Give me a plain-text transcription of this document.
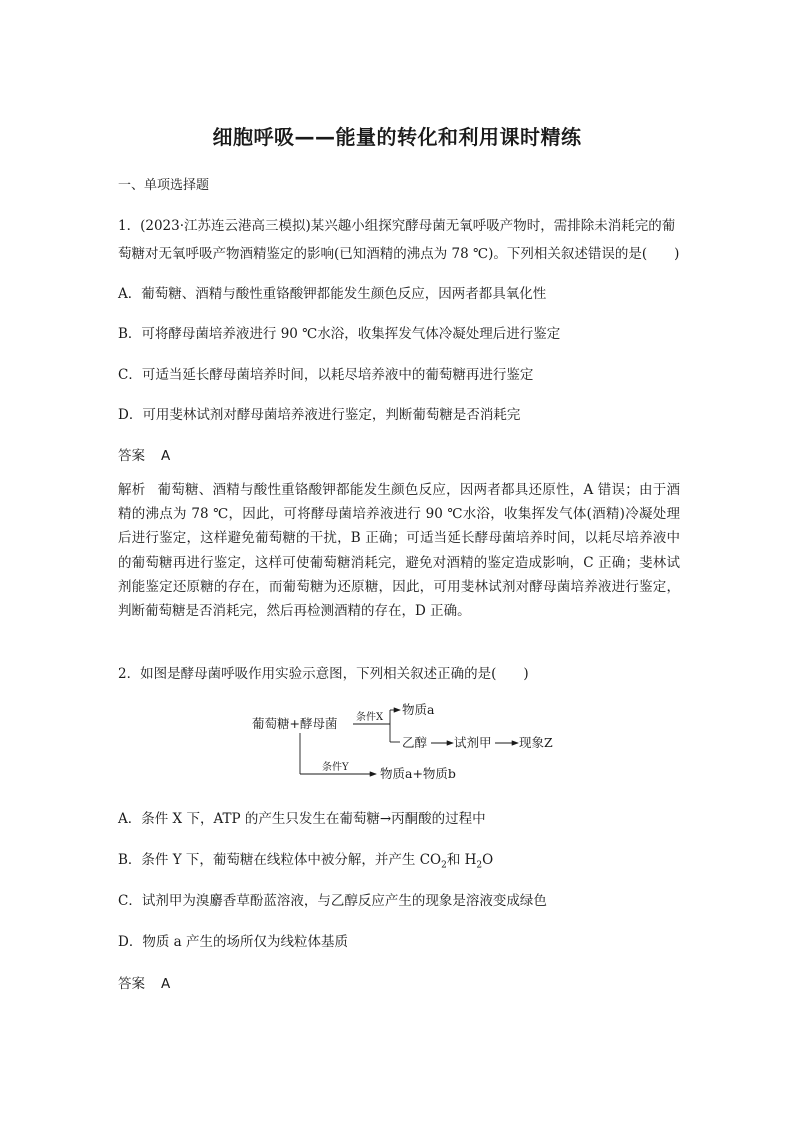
细胞呼吸——能量的转化和利用课时精练
一、单项选择题
1．(2023·江苏连云港高三模拟)某兴趣小组探究酵母菌无氧呼吸产物时，需排除未消耗完的葡
萄糖对无氧呼吸产物酒精鉴定的影响(已知酒精的沸点为 78 ℃)。下列相关叙述错误的是(　　)
A．葡萄糖、酒精与酸性重铬酸钾都能发生颜色反应，因两者都具氧化性
B．可将酵母菌培养液进行 90 ℃水浴，收集挥发气体冷凝处理后进行鉴定
C．可适当延长酵母菌培养时间，以耗尽培养液中的葡萄糖再进行鉴定
D．可用斐林试剂对酵母菌培养液进行鉴定，判断葡萄糖是否消耗完
答案 A
解析 葡萄糖、酒精与酸性重铬酸钾都能发生颜色反应，因两者都具还原性，A 错误；由于酒精的沸点为 78 ℃，因此，可将酵母菌培养液进行 90 ℃水浴，收集挥发气体(酒精)冷凝处理后进行鉴定，这样避免葡萄糖的干扰，B 正确；可适当延长酵母菌培养时间，以耗尽培养液中的葡萄糖再进行鉴定，这样可使葡萄糖消耗完，避免对酒精的鉴定造成影响，C 正确；斐林试剂能鉴定还原糖的存在，而葡萄糖为还原糖，因此，可用斐林试剂对酵母菌培养液进行鉴定，判断葡萄糖是否消耗完，然后再检测酒精的存在，D 正确。
2．如图是酵母菌呼吸作用实验示意图，下列相关叙述正确的是(　　)
葡萄糖+酵母菌 条件X
物质a
乙醇 试剂甲 现象Z
条件Y	物质a+物质b
A．条件 X 下，ATP 的产生只发生在葡萄糖→丙酮酸的过程中
B．条件 Y 下，葡萄糖在线粒体中被分解，并产生 $CO_2$和 $H_2O$
C．试剂甲为溴麝香草酚蓝溶液，与乙醇反应产生的现象是溶液变成绿色
D．物质 a 产生的场所仅为线粒体基质
答案 A
